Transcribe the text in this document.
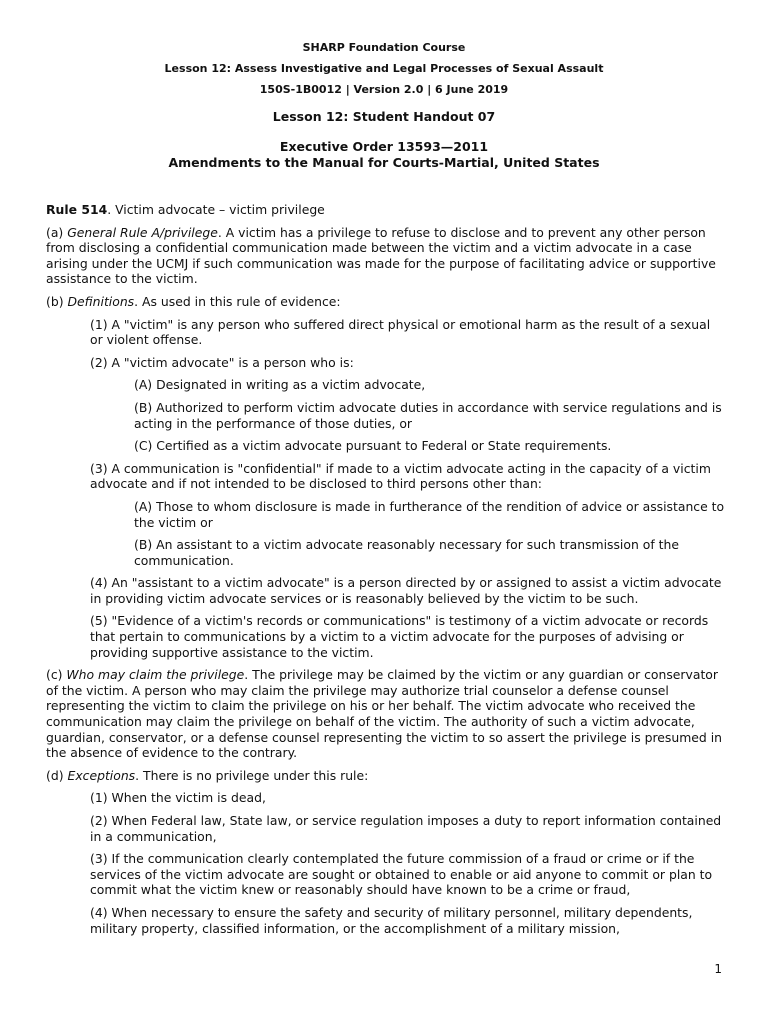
SHARP Foundation Course
Lesson 12: Assess Investigative and Legal Processes of Sexual Assault
150S-1B0012 | Version 2.0 | 6 June 2019
Lesson 12: Student Handout 07
Executive Order 13593—2011
Amendments to the Manual for Courts-Martial, United States

Rule 514. Victim advocate – victim privilege

(a) General Rule A/privilege. A victim has a privilege to refuse to disclose and to prevent any other person from disclosing a confidential communication made between the victim and a victim advocate in a case arising under the UCMJ if such communication was made for the purpose of facilitating advice or supportive assistance to the victim.

(b) Definitions. As used in this rule of evidence:

(1) A "victim" is any person who suffered direct physical or emotional harm as the result of a sexual or violent offense.

(2) A "victim advocate" is a person who is:

(A) Designated in writing as a victim advocate,

(B) Authorized to perform victim advocate duties in accordance with service regulations and is acting in the performance of those duties, or

(C) Certified as a victim advocate pursuant to Federal or State requirements.

(3) A communication is "confidential" if made to a victim advocate acting in the capacity of a victim advocate and if not intended to be disclosed to third persons other than:

(A) Those to whom disclosure is made in furtherance of the rendition of advice or assistance to the victim or

(B) An assistant to a victim advocate reasonably necessary for such transmission of the communication.

(4) An "assistant to a victim advocate" is a person directed by or assigned to assist a victim advocate in providing victim advocate services or is reasonably believed by the victim to be such.

(5) "Evidence of a victim's records or communications" is testimony of a victim advocate or records that pertain to communications by a victim to a victim advocate for the purposes of advising or providing supportive assistance to the victim.

(c) Who may claim the privilege. The privilege may be claimed by the victim or any guardian or conservator of the victim. A person who may claim the privilege may authorize trial counselor a defense counsel representing the victim to claim the privilege on his or her behalf. The victim advocate who received the communication may claim the privilege on behalf of the victim. The authority of such a victim advocate, guardian, conservator, or a defense counsel representing the victim to so assert the privilege is presumed in the absence of evidence to the contrary.

(d) Exceptions. There is no privilege under this rule:

(1) When the victim is dead,

(2) When Federal law, State law, or service regulation imposes a duty to report information contained in a communication,

(3) If the communication clearly contemplated the future commission of a fraud or crime or if the services of the victim advocate are sought or obtained to enable or aid anyone to commit or plan to commit what the victim knew or reasonably should have known to be a crime or fraud,

(4) When necessary to ensure the safety and security of military personnel, military dependents, military property, classified information, or the accomplishment of a military mission,

1
